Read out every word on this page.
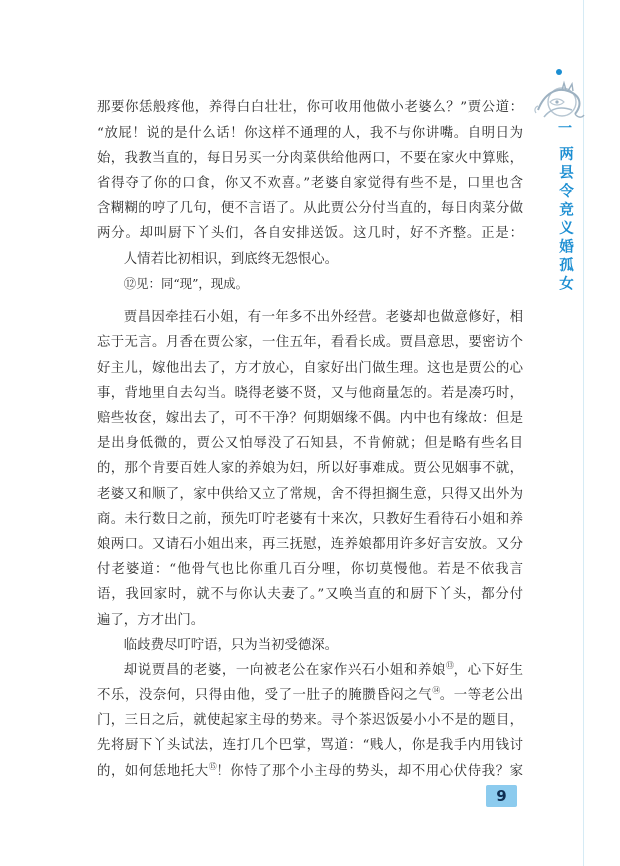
一
两县令竞义婚孤女
那要你恁般疼他，养得白白壮壮，你可收用他做小老婆么？”贾公道：
“放屁！说的是什么话！你这样不通理的人，我不与你讲嘴。自明日为
始，我教当直的，每日另买一分肉菜供给他两口，不要在家火中算账，
省得夺了你的口食，你又不欢喜。”老婆自家觉得有些不是，口里也含
含糊糊的哼了几句，便不言语了。从此贾公分付当直的，每日肉菜分做
两分。却叫厨下丫头们，各自安排送饭。这几时，好不齐整。正是：
人情若比初相识，到底终无怨恨心。
⑫见：同“现”，现成。
贾昌因牵挂石小姐，有一年多不出外经营。老婆却也做意修好，相
忘于无言。月香在贾公家，一住五年，看看长成。贾昌意思，要密访个
好主儿，嫁他出去了，方才放心，自家好出门做生理。这也是贾公的心
事，背地里自去勾当。晓得老婆不贤，又与他商量怎的。若是凑巧时，
赔些妆奁，嫁出去了，可不干净？何期姻缘不偶。内中也有缘故：但是
是出身低微的，贾公又怕辱没了石知县，不肯俯就；但是略有些名目
的，那个肯要百姓人家的养娘为妇，所以好事难成。贾公见姻事不就，
老婆又和顺了，家中供给又立了常规，舍不得担搁生意，只得又出外为
商。未行数日之前，预先叮咛老婆有十来次，只教好生看待石小姐和养
娘两口。又请石小姐出来，再三抚慰，连养娘都用许多好言安放。又分
付老婆道：“他骨气也比你重几百分哩，你切莫慢他。若是不依我言
语，我回家时，就不与你认夫妻了。”又唤当直的和厨下丫头，都分付
遍了，方才出门。
临歧费尽叮咛语，只为当初受德深。
却说贾昌的老婆，一向被老公在家作兴石小姐和养娘⑬，心下好生
不乐，没奈何，只得由他，受了一肚子的腌臜昏闷之气⑭。一等老公出
门，三日之后，就使起家主母的势来。寻个茶迟饭晏小小不是的题目，
先将厨下丫头试法，连打几个巴掌，骂道：“贱人，你是我手内用钱讨
的，如何恁地托大⑮！你恃了那个小主母的势头，却不用心伏侍我？家
9
